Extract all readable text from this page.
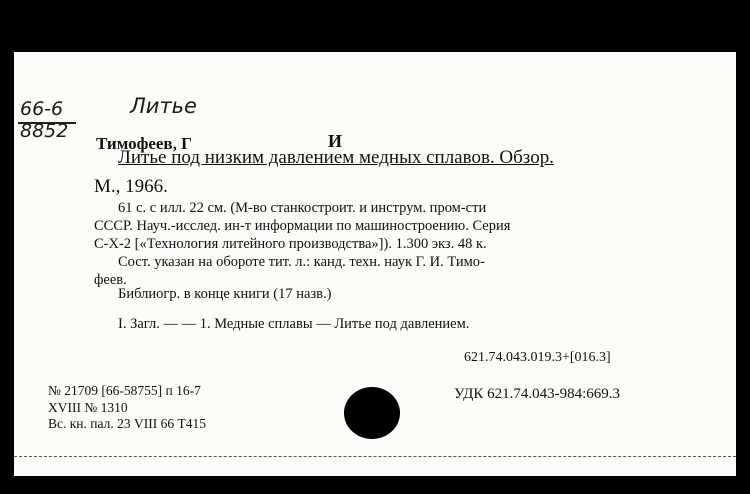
66-6
8852
Литье
Тимофеев, Г	И
Литье под низким давлением медных сплавов. Обзор.
М., 1966.
61 с. с илл. 22 см. (М-во станкостроит. и инструм. пром-сти
СССР. Науч.-исслед. ин-т информации по машиностроению. Серия
С-Х-2 [«Технология литейного производства»]). 1.300 экз. 48 к.
Сост. указан на обороте тит. л.: канд. техн. наук Г. И. Тимо-
феев.
Библиогр. в конце книги (17 назв.)
I. Загл. — — 1. Медные сплавы — Литье под давлением.
621.74.043.019.3+[016.3]
№ 21709 [66-58755] п 16-7
XVIII № 1310
Вс. кн. пал. 23 VIII 66 Т415
УДК 621.74.043-984:669.3
